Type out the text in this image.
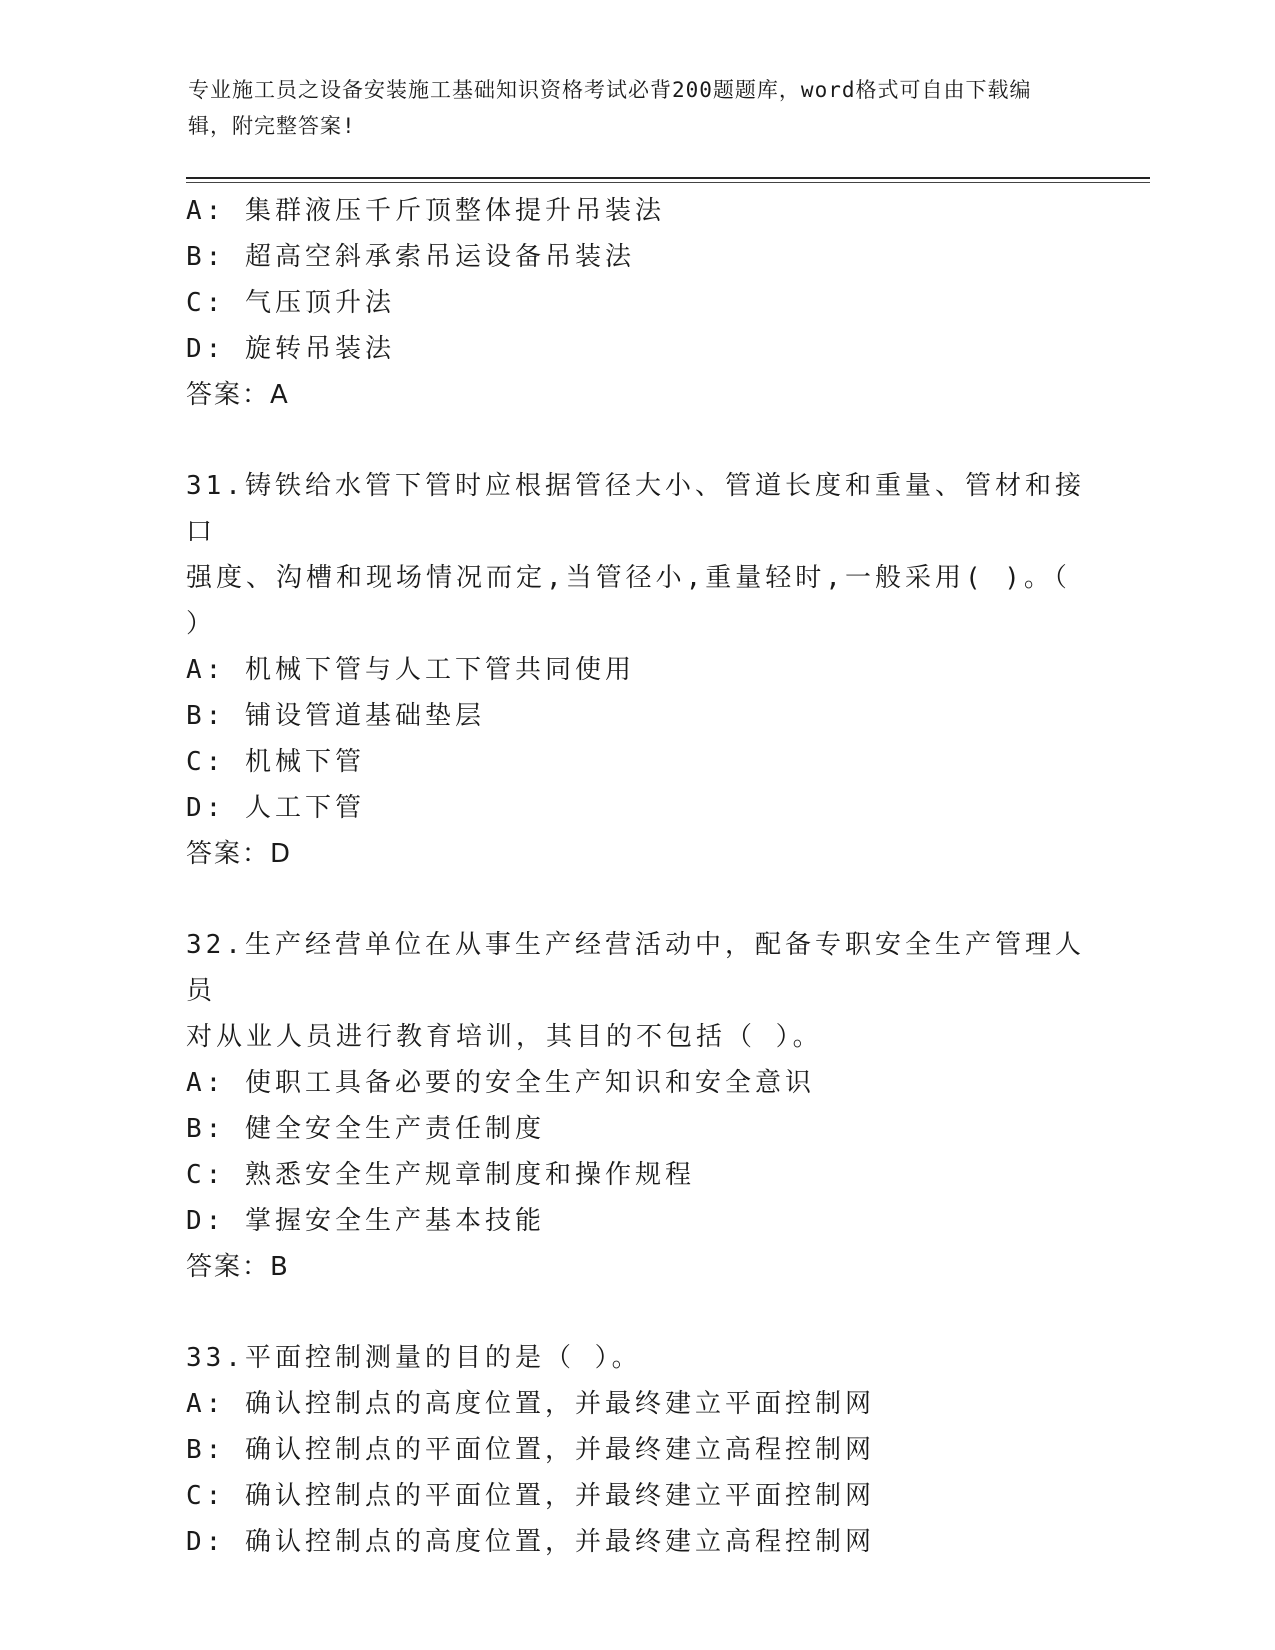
专业施工员之设备安装施工基础知识资格考试必背200题题库，word格式可自由下载编辑，附完整答案!
A: 集群液压千斤顶整体提升吊装法
B: 超高空斜承索吊运设备吊装法
C: 气压顶升法
D: 旋转吊装法
答案：A
31.铸铁给水管下管时应根据管径大小、管道长度和重量、管材和接口
强度、沟槽和现场情况而定,当管径小,重量轻时,一般采用( )。（
）
A: 机械下管与人工下管共同使用
B: 铺设管道基础垫层
C: 机械下管
D: 人工下管
答案：D
32.生产经营单位在从事生产经营活动中，配备专职安全生产管理人员
对从业人员进行教育培训，其目的不包括（ ）。
A: 使职工具备必要的安全生产知识和安全意识
B: 健全安全生产责任制度
C: 熟悉安全生产规章制度和操作规程
D: 掌握安全生产基本技能
答案：B
33.平面控制测量的目的是（ ）。
A: 确认控制点的高度位置，并最终建立平面控制网
B: 确认控制点的平面位置，并最终建立高程控制网
C: 确认控制点的平面位置，并最终建立平面控制网
D: 确认控制点的高度位置，并最终建立高程控制网
